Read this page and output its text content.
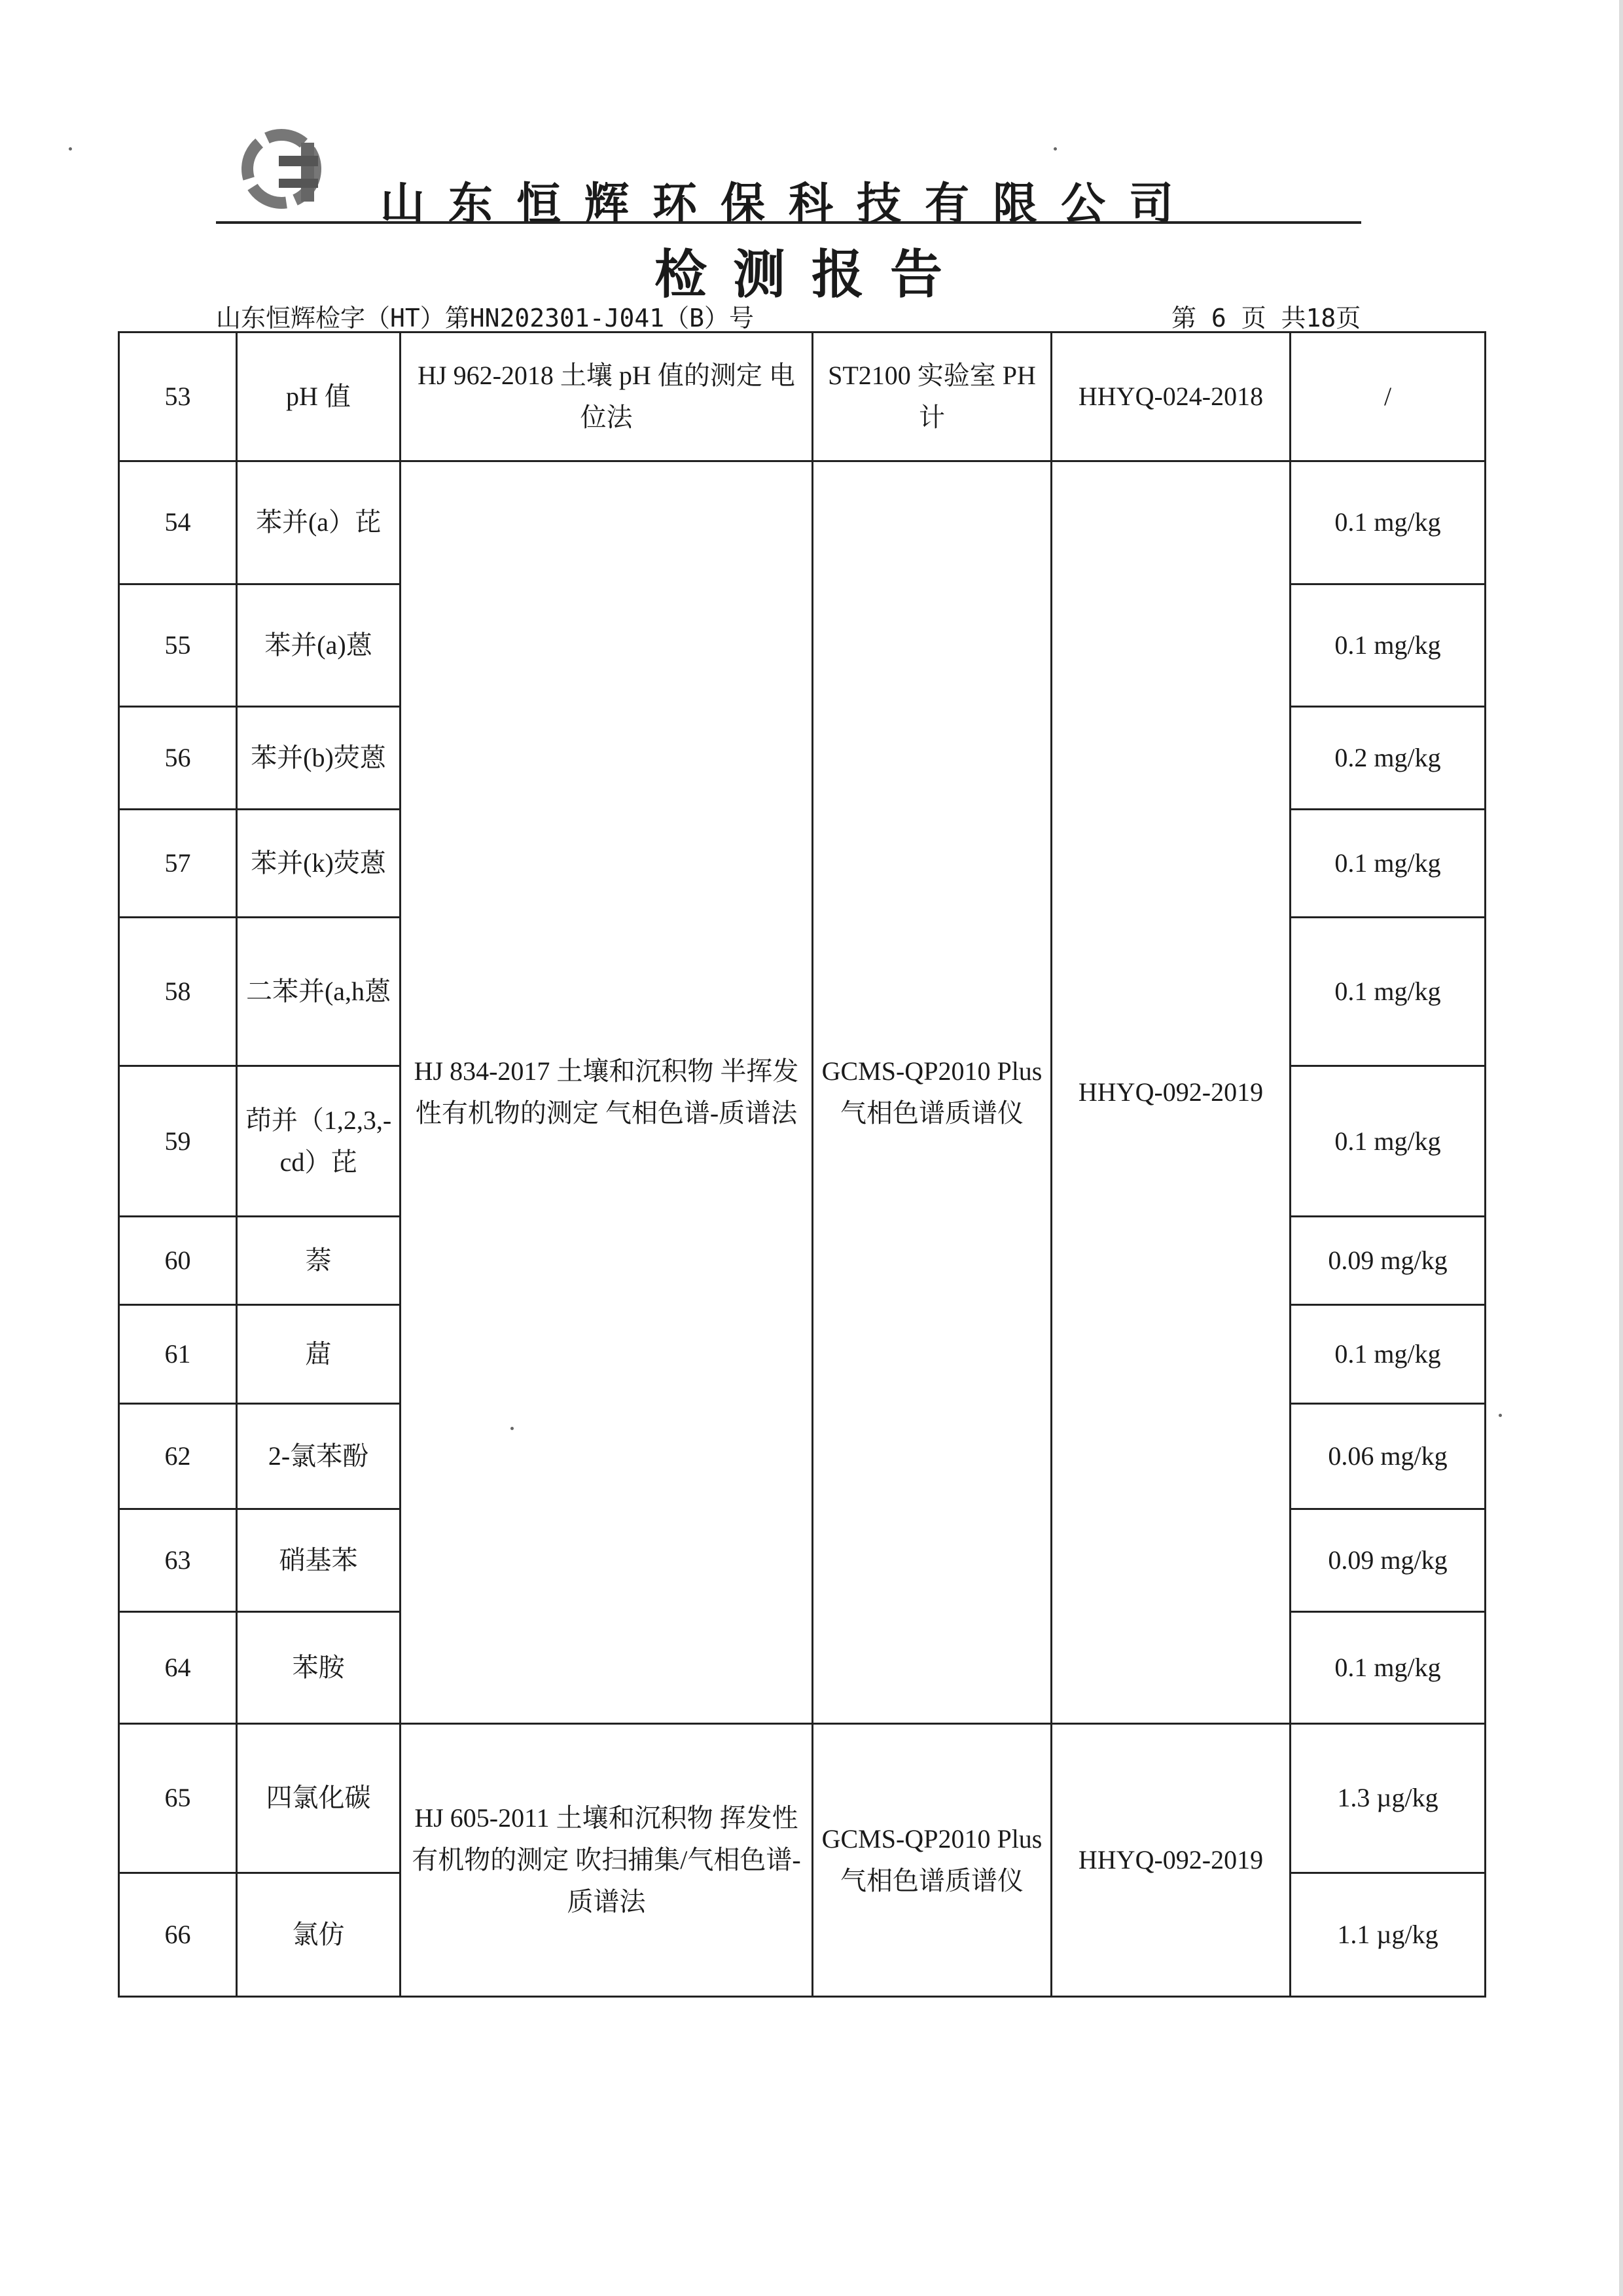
山东恒辉环保科技有限公司
检测报告
山东恒辉检字（HT）第HN202301-J041（B）号	第 6 页 共18页
53	pH 值	HJ 962-2018 土壤 pH 值的测定 电位法	ST2100 实验室 PH 计	HHYQ-024-2018	/
54	苯并(a）芘	HJ 834-2017 土壤和沉积物 半挥发性有机物的测定 气相色谱-质谱法	GCMS-QP2010 Plus 气相色谱质谱仪	HHYQ-092-2019	0.1 mg/kg
55	苯并(a)蒽				0.1 mg/kg
56	苯并(b)荧蒽				0.2 mg/kg
57	苯并(k)荧蒽				0.1 mg/kg
58	二苯并(a,h蒽				0.1 mg/kg
59	茚并（1,2,3,-cd）芘				0.1 mg/kg
60	萘				0.09 mg/kg
61	䓛				0.1 mg/kg
62	2-氯苯酚				0.06 mg/kg
63	硝基苯				0.09 mg/kg
64	苯胺				0.1 mg/kg
65	四氯化碳	HJ 605-2011 土壤和沉积物 挥发性有机物的测定 吹扫捕集/气相色谱-质谱法	GCMS-QP2010 Plus 气相色谱质谱仪	HHYQ-092-2019	1.3 µg/kg
66	氯仿				1.1 µg/kg
